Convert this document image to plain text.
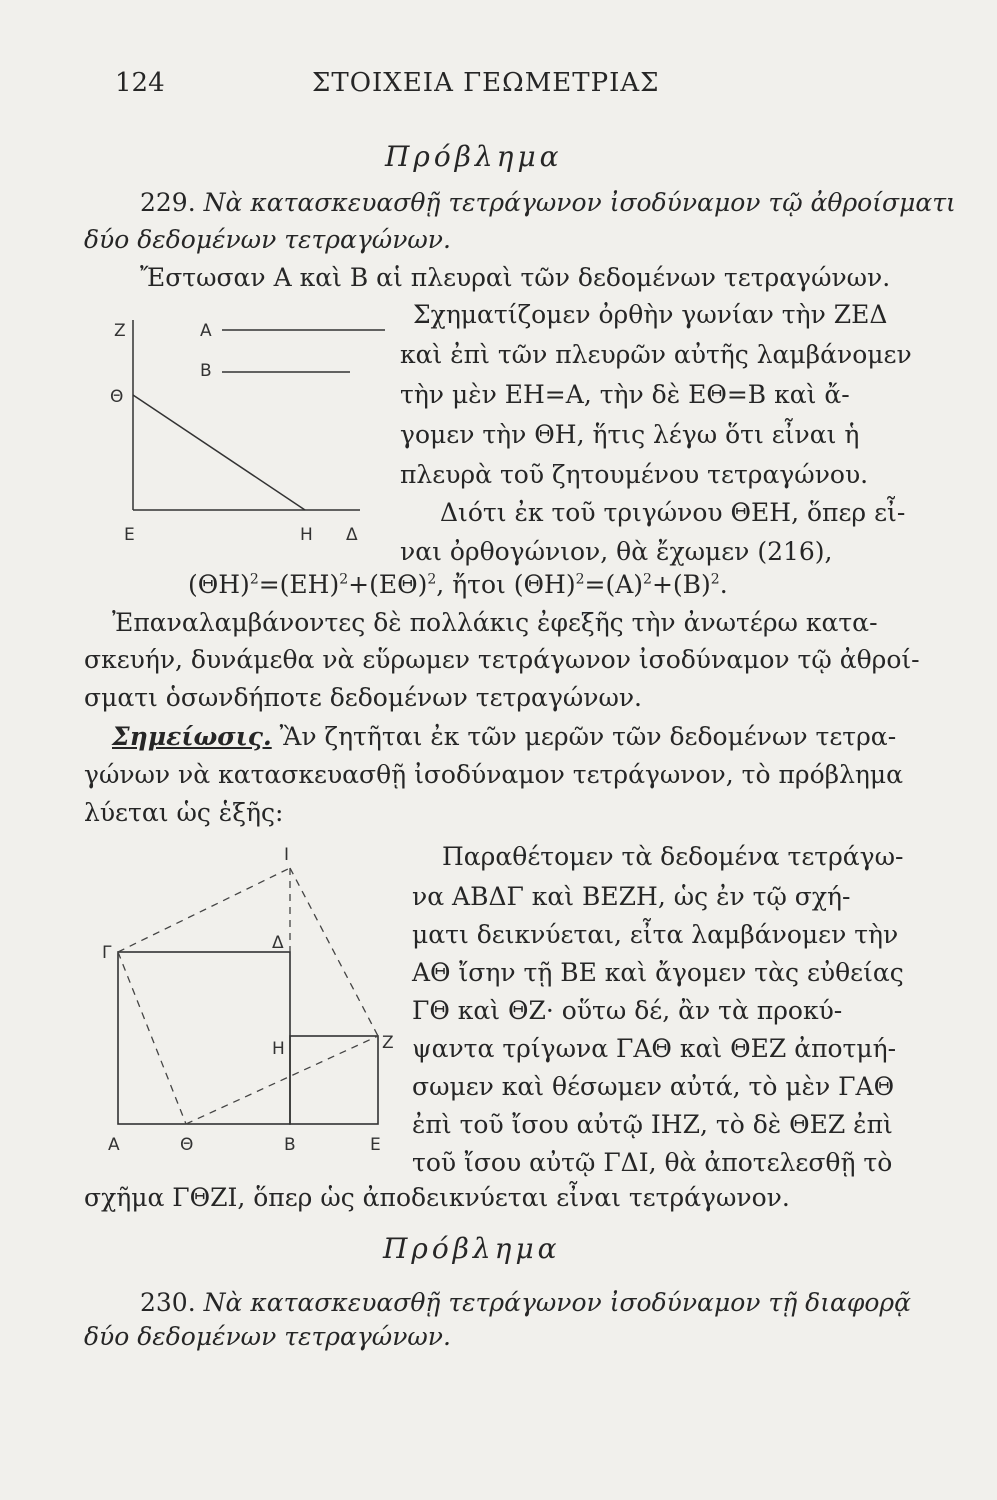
124	ΣΤΟΙΧΕΙΑ ΓΕΩΜΕΤΡΙΑΣ
Πρόβλημα
229. Νὰ κατασκευασθῇ τετράγωνον ἰσοδύναμον τῷ ἀθροίσματι
δύο δεδομένων τετραγώνων.
Ἔστωσαν Α καὶ Β αἱ πλευραὶ τῶν δεδομένων τετραγώνων.
Σχηματίζομεν ὀρθὴν γωνίαν τὴν ΖΕΔ
καὶ ἐπὶ τῶν πλευρῶν αὐτῆς λαμβάνομεν
τὴν μὲν ΕΗ=Α, τὴν δὲ ΕΘ=Β καὶ ἄ-
γομεν τὴν ΘΗ, ἥτις λέγω ὅτι εἶναι ἡ
πλευρὰ τοῦ ζητουμένου τετραγώνου.
Διότι ἐκ τοῦ τριγώνου ΘΕΗ, ὅπερ εἶ-
ναι ὀρθογώνιον, θὰ ἔχωμεν (216),
$(\Theta H)^2=(EH)^2+(E\Theta)^2$, ἤτοι $(\Theta H)^2=(A)^2+(B)^2$.
Ἐπαναλαμβάνοντες δὲ πολλάκις ἐφεξῆς τὴν ἀνωτέρω κατα-
σκευήν, δυνάμεθα νὰ εὕρωμεν τετράγωνον ἰσοδύναμον τῷ ἀθροί-
σματι ὁσωνδήποτε δεδομένων τετραγώνων.
Σημείωσις. Ἂν ζητῆται ἐκ τῶν μερῶν τῶν δεδομένων τετρα-
γώνων νὰ κατασκευασθῇ ἰσοδύναμον τετράγωνον, τὸ πρόβλημα
λύεται ὡς ἑξῆς:
Παραθέτομεν τὰ δεδομένα τετράγω-
να ΑΒΔΓ καὶ ΒΕΖΗ, ὡς ἐν τῷ σχή-
ματι δεικνύεται, εἶτα λαμβάνομεν τὴν
ΑΘ ἴσην τῇ ΒΕ καὶ ἄγομεν τὰς εὐθείας
ΓΘ καὶ ΘΖ· οὕτω δέ, ἂν τὰ προκύ-
ψαντα τρίγωνα ΓΑΘ καὶ ΘΕΖ ἀποτμή-
σωμεν καὶ θέσωμεν αὐτά, τὸ μὲν ΓΑΘ
ἐπὶ τοῦ ἴσου αὐτῷ ΙΗΖ, τὸ δὲ ΘΕΖ ἐπὶ
τοῦ ἴσου αὐτῷ ΓΔΙ, θὰ ἀποτελεσθῇ τὸ
σχῆμα ΓΘΖΙ, ὅπερ ὡς ἀποδεικνύεται εἶναι τετράγωνον.
Πρόβλημα
230. Νὰ κατασκευασθῇ τετράγωνον ἰσοδύναμον τῇ διαφορᾷ
δύο δεδομένων τετραγώνων.
Ζ	Α
Β
Θ
Ε	Η Δ
Ι
Γ	Δ
Η	Ζ
Α	Θ	Β	Ε
